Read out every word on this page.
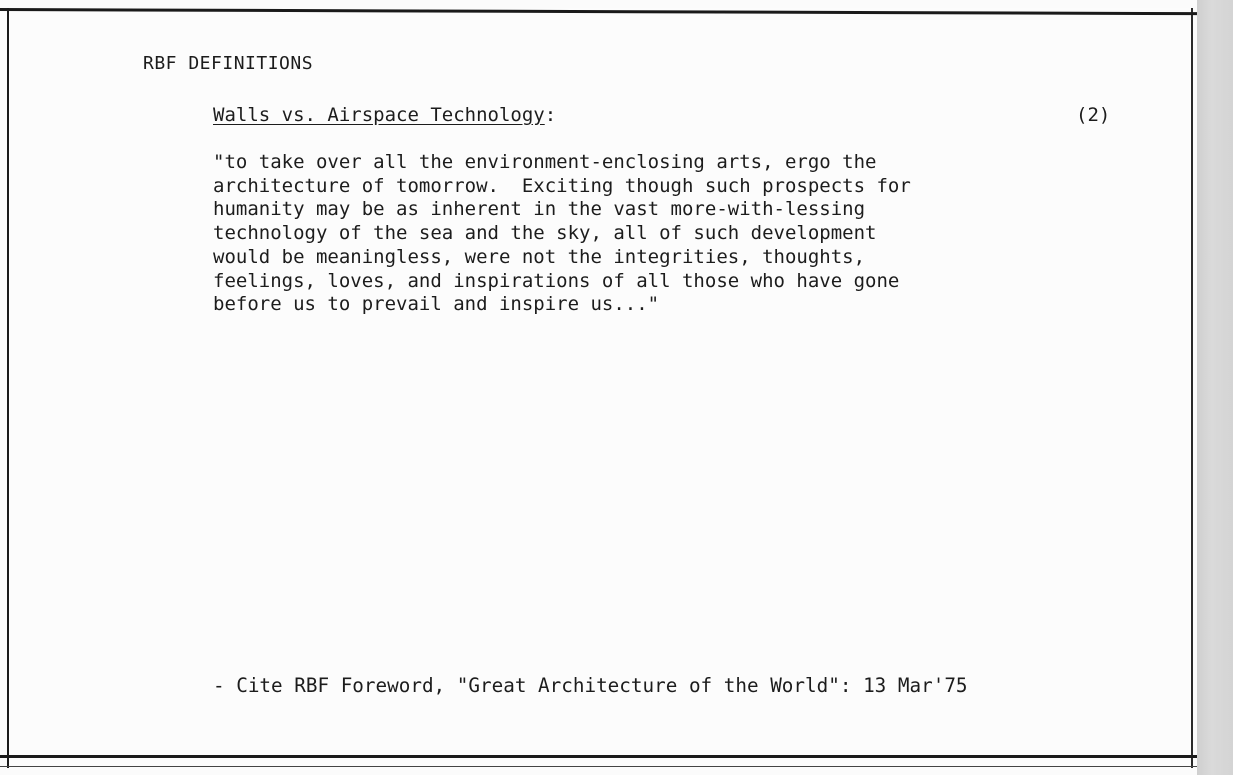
RBF DEFINITIONS
Walls vs. Airspace Technology:	(2)
"to take over all the environment-enclosing arts, ergo the
architecture of tomorrow.  Exciting though such prospects for
humanity may be as inherent in the vast more-with-lessing
technology of the sea and the sky, all of such development
would be meaningless, were not the integrities, thoughts,
feelings, loves, and inspirations of all those who have gone
before us to prevail and inspire us..."
- Cite RBF Foreword, "Great Architecture of the World": 13 Mar'75
